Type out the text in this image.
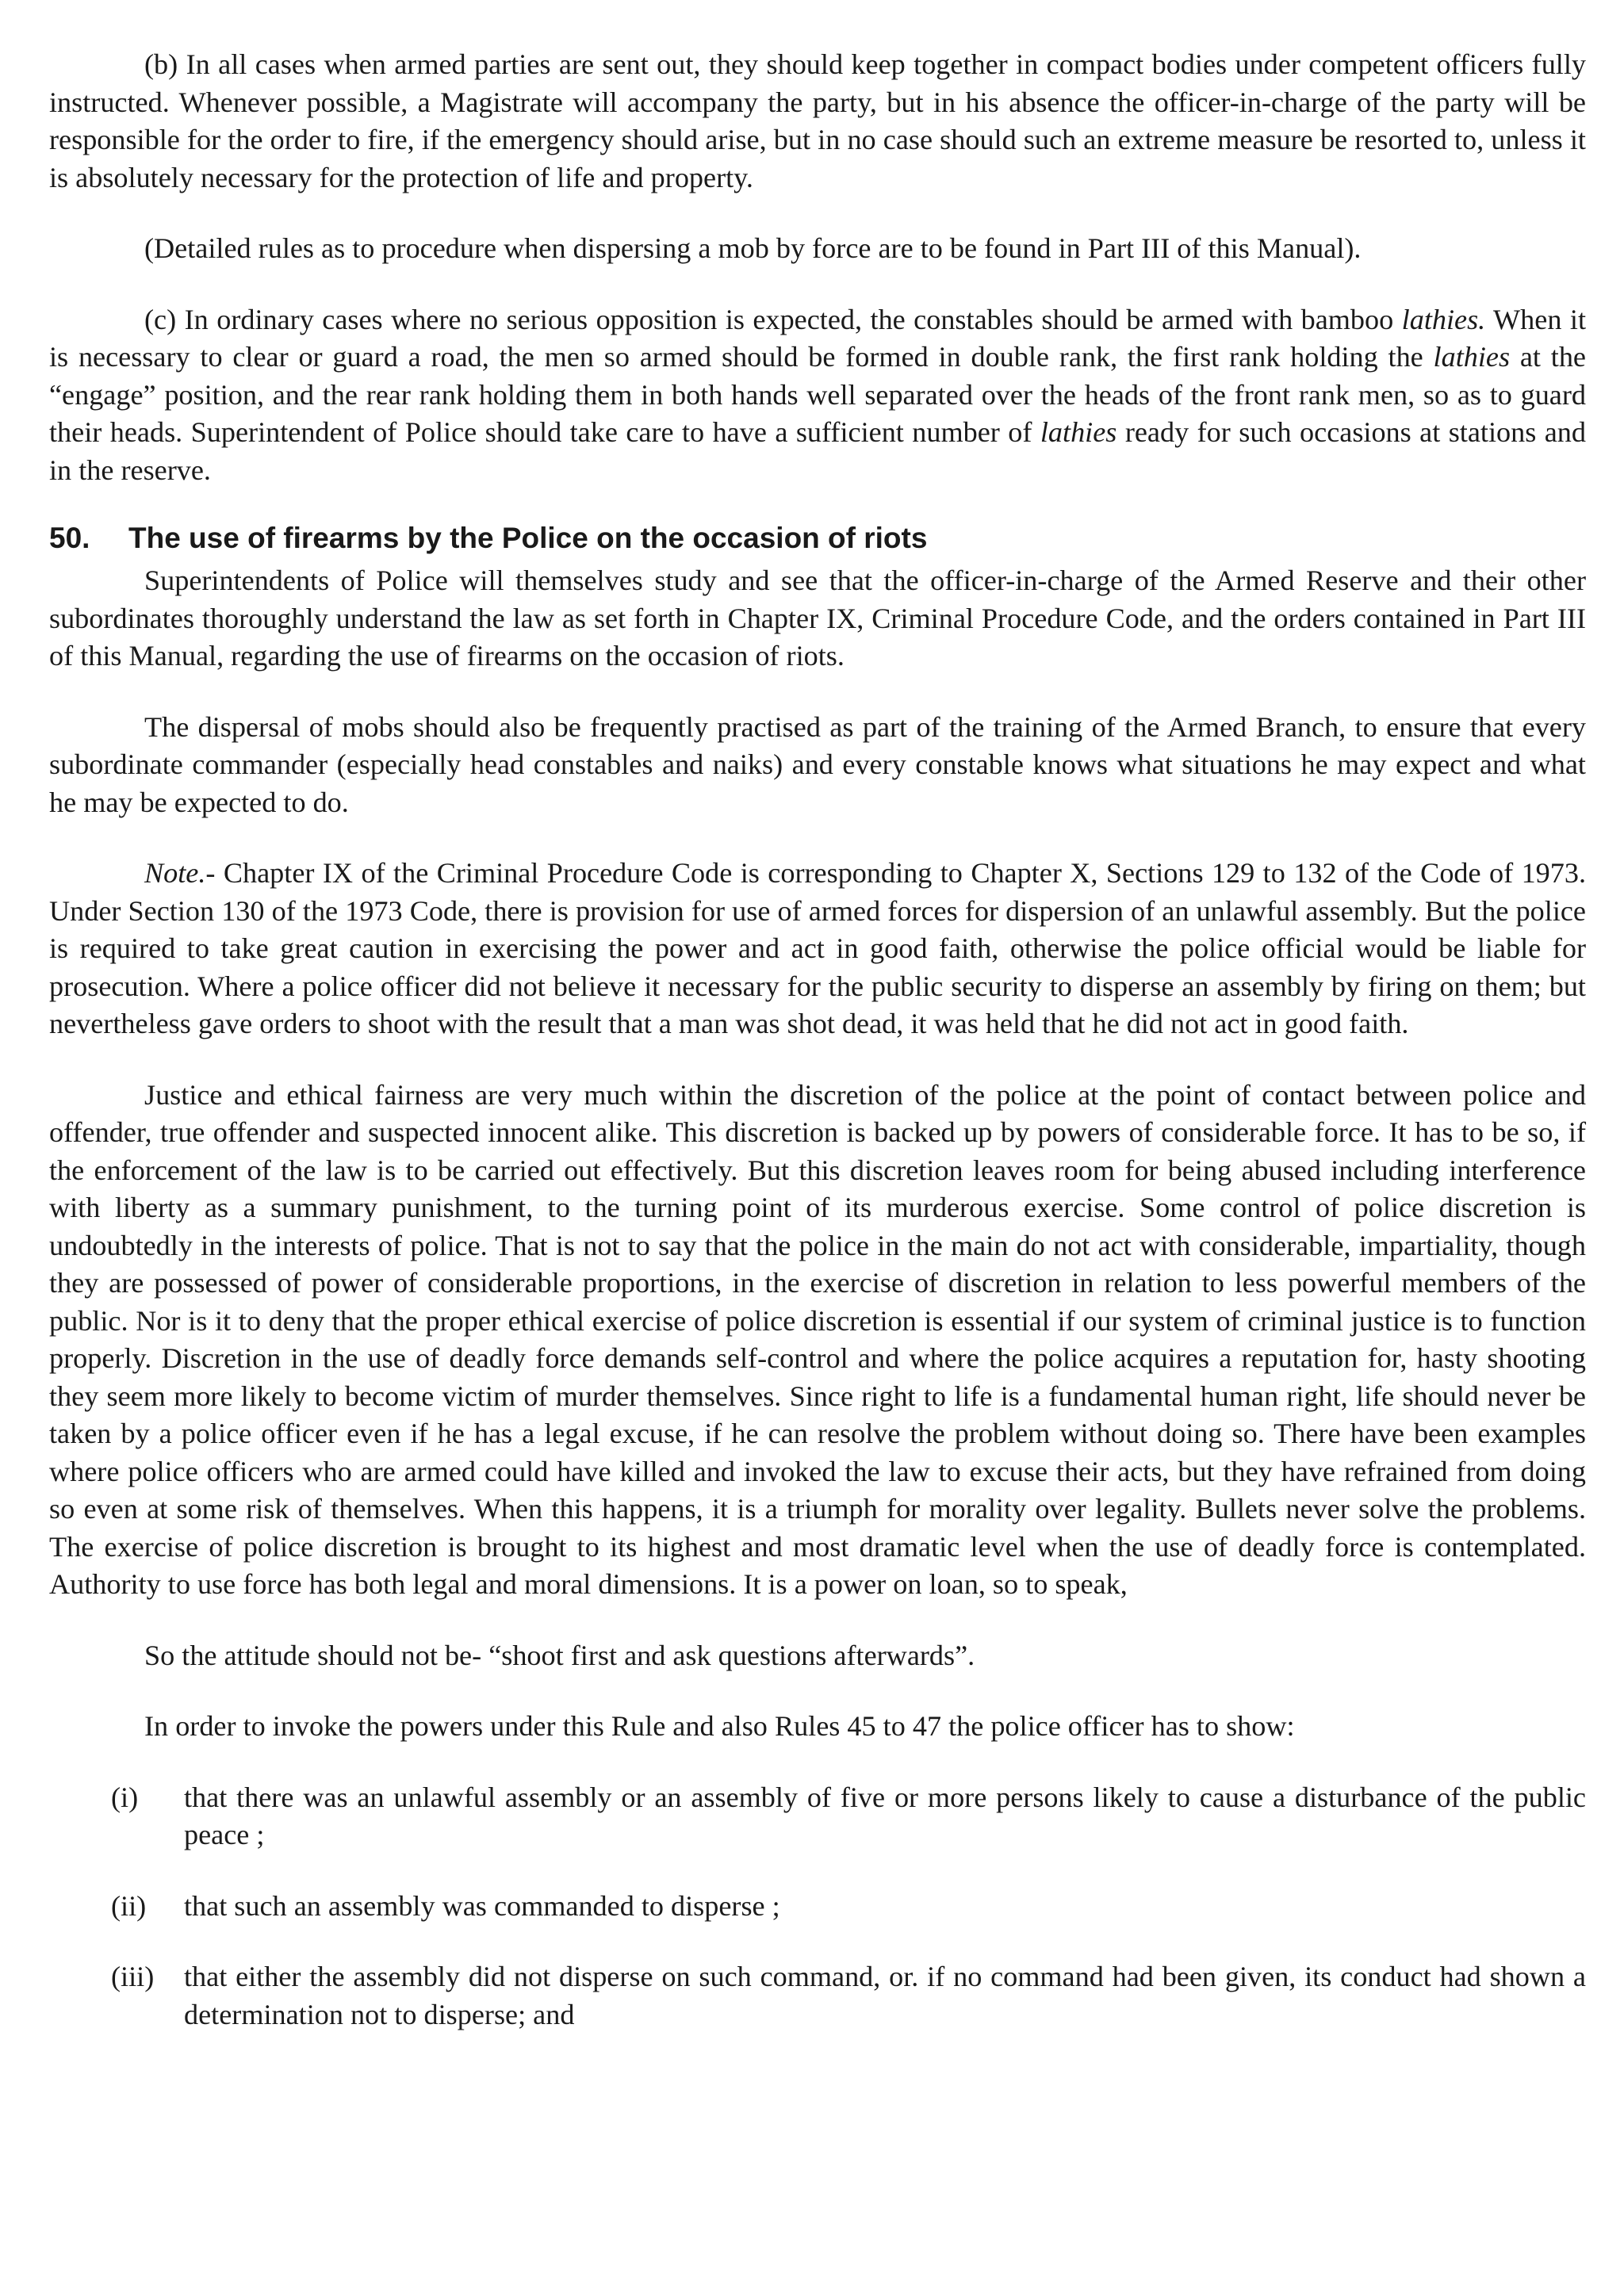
(b) In all cases when armed parties are sent out, they should keep together in compact bodies under competent officers fully instructed. Whenever possible, a Magistrate will accompany the party, but in his absence the officer-in-charge of the party will be responsible for the order to fire, if the emergency should arise, but in no case should such an extreme measure be resorted to, unless it is absolutely necessary for the protection of life and property.

(Detailed rules as to procedure when dispersing a mob by force are to be found in Part III of this Manual).

(c) In ordinary cases where no serious opposition is expected, the constables should be armed with bamboo lathies. When it is necessary to clear or guard a road, the men so armed should be formed in double rank, the first rank holding the lathies at the “engage” position, and the rear rank holding them in both hands well separated over the heads of the front rank men, so as to guard their heads. Superintendent of Police should take care to have a sufficient number of lathies ready for such occasions at stations and in the reserve.

50. The use of firearms by the Police on the occasion of riots

Superintendents of Police will themselves study and see that the officer-in-charge of the Armed Reserve and their other subordinates thoroughly understand the law as set forth in Chapter IX, Criminal Procedure Code, and the orders contained in Part III of this Manual, regarding the use of firearms on the occasion of riots.

The dispersal of mobs should also be frequently practised as part of the training of the Armed Branch, to ensure that every subordinate commander (especially head constables and naiks) and every constable knows what situations he may expect and what he may be expected to do.

Note.- Chapter IX of the Criminal Procedure Code is corresponding to Chapter X, Sections 129 to 132 of the Code of 1973. Under Section 130 of the 1973 Code, there is provision for use of armed forces for dispersion of an unlawful assembly. But the police is required to take great caution in exercising the power and act in good faith, otherwise the police official would be liable for prosecution. Where a police officer did not believe it necessary for the public security to disperse an assembly by firing on them; but nevertheless gave orders to shoot with the result that a man was shot dead, it was held that he did not act in good faith.

Justice and ethical fairness are very much within the discretion of the police at the point of contact between police and offender, true offender and suspected innocent alike. This discretion is backed up by powers of considerable force. It has to be so, if the enforcement of the law is to be carried out effectively. But this discretion leaves room for being abused including interference with liberty as a summary punishment, to the turning point of its murderous exercise. Some control of police discretion is undoubtedly in the interests of police. That is not to say that the police in the main do not act with considerable, impartiality, though they are possessed of power of considerable proportions, in the exercise of discretion in relation to less powerful members of the public. Nor is it to deny that the proper ethical exercise of police discretion is essential if our system of criminal justice is to function properly. Discretion in the use of deadly force demands self-control and where the police acquires a reputation for, hasty shooting they seem more likely to become victim of murder themselves. Since right to life is a fundamental human right, life should never be taken by a police officer even if he has a legal excuse, if he can resolve the problem without doing so. There have been examples where police officers who are armed could have killed and invoked the law to excuse their acts, but they have refrained from doing so even at some risk of themselves. When this happens, it is a triumph for morality over legality. Bullets never solve the problems. The exercise of police discretion is brought to its highest and most dramatic level when the use of deadly force is contemplated. Authority to use force has both legal and moral dimensions. It is a power on loan, so to speak,

So the attitude should not be- “shoot first and ask questions afterwards”.

In order to invoke the powers under this Rule and also Rules 45 to 47 the police officer has to show:

(i)	that there was an unlawful assembly or an assembly of five or more persons likely to cause a disturbance of the public peace ;
(ii)	that such an assembly was commanded to disperse ;
(iii)	that either the assembly did not disperse on such command, or. if no command had been given, its conduct had shown a determination not to disperse; and
